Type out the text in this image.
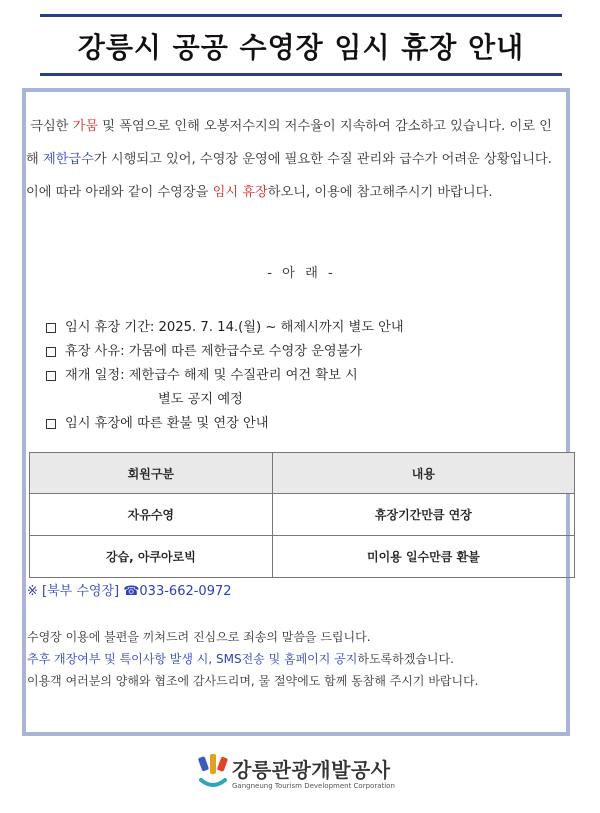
강릉시 공공 수영장 임시 휴장 안내
극심한 가뭄 및 폭염으로 인해 오봉저수지의 저수율이 지속하여 감소하고 있습니다. 이로 인해 제한급수가 시행되고 있어, 수영장 운영에 필요한 수질 관리와 급수가 어려운 상황입니다. 이에 따라 아래와 같이 수영장을 임시 휴장하오니, 이용에 참고해주시기 바랍니다.
- 아 래 -
임시 휴장 기간: 2025. 7. 14.(월) ~ 해제시까지 별도 안내
휴장 사유: 가뭄에 따른 제한급수로 수영장 운영불가
재개 일정: 제한급수 해제 및 수질관리 여건 확보 시
별도 공지 예정
임시 휴장에 따른 환불 및 연장 안내
회원구분	내용
자유수영	휴장기간만큼 연장
강습, 아쿠아로빅	미이용 일수만큼 환불
※ [북부 수영장] ☎033-662-0972
수영장 이용에 불편을 끼쳐드려 진심으로 죄송의 말씀을 드립니다.
추후 개장여부 및 특이사항 발생 시, SMS전송 및 홈페이지 공지하도록하겠습니다.
이용객 여러분의 양해와 협조에 감사드리며, 물 절약에도 함께 동참해 주시기 바랍니다.
강릉관광개발공사
Gangneung Tourism Development Corporation
